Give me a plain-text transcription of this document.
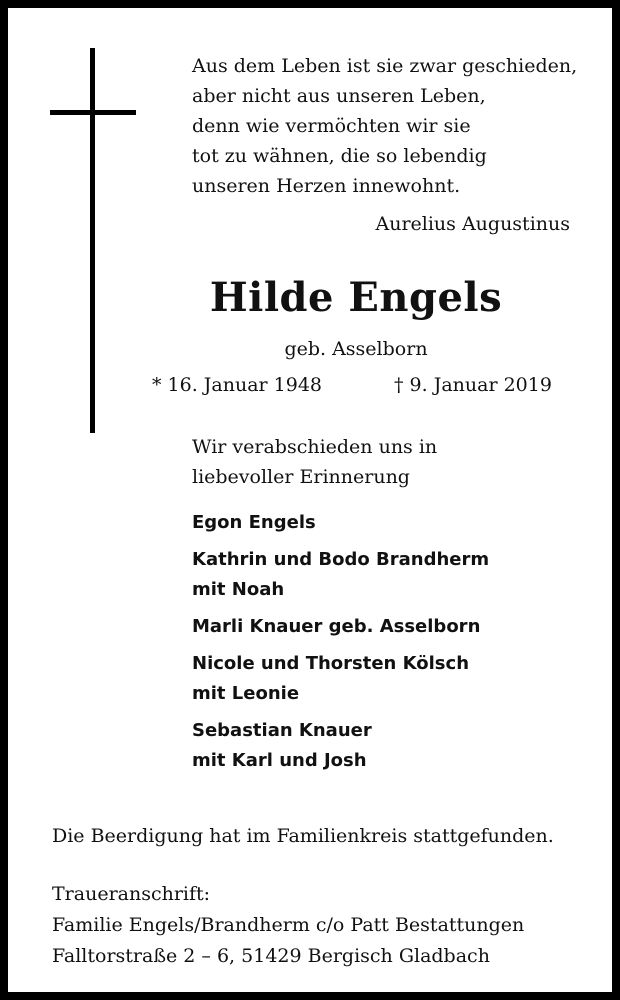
Aus dem Leben ist sie zwar geschieden,
aber nicht aus unseren Leben,
denn wie vermöchten wir sie
tot zu wähnen, die so lebendig
unseren Herzen innewohnt.
Aurelius Augustinus
Hilde Engels
geb. Asselborn
* 16. Januar 1948	† 9. Januar 2019
Wir verabschieden uns in
liebevoller Erinnerung
Egon Engels
Kathrin und Bodo Brandherm
mit Noah
Marli Knauer geb. Asselborn
Nicole und Thorsten Kölsch
mit Leonie
Sebastian Knauer
mit Karl und Josh
Die Beerdigung hat im Familienkreis stattgefunden.
Traueranschrift:
Familie Engels/Brandherm c/o Patt Bestattungen
Falltorstraße 2 – 6, 51429 Bergisch Gladbach
